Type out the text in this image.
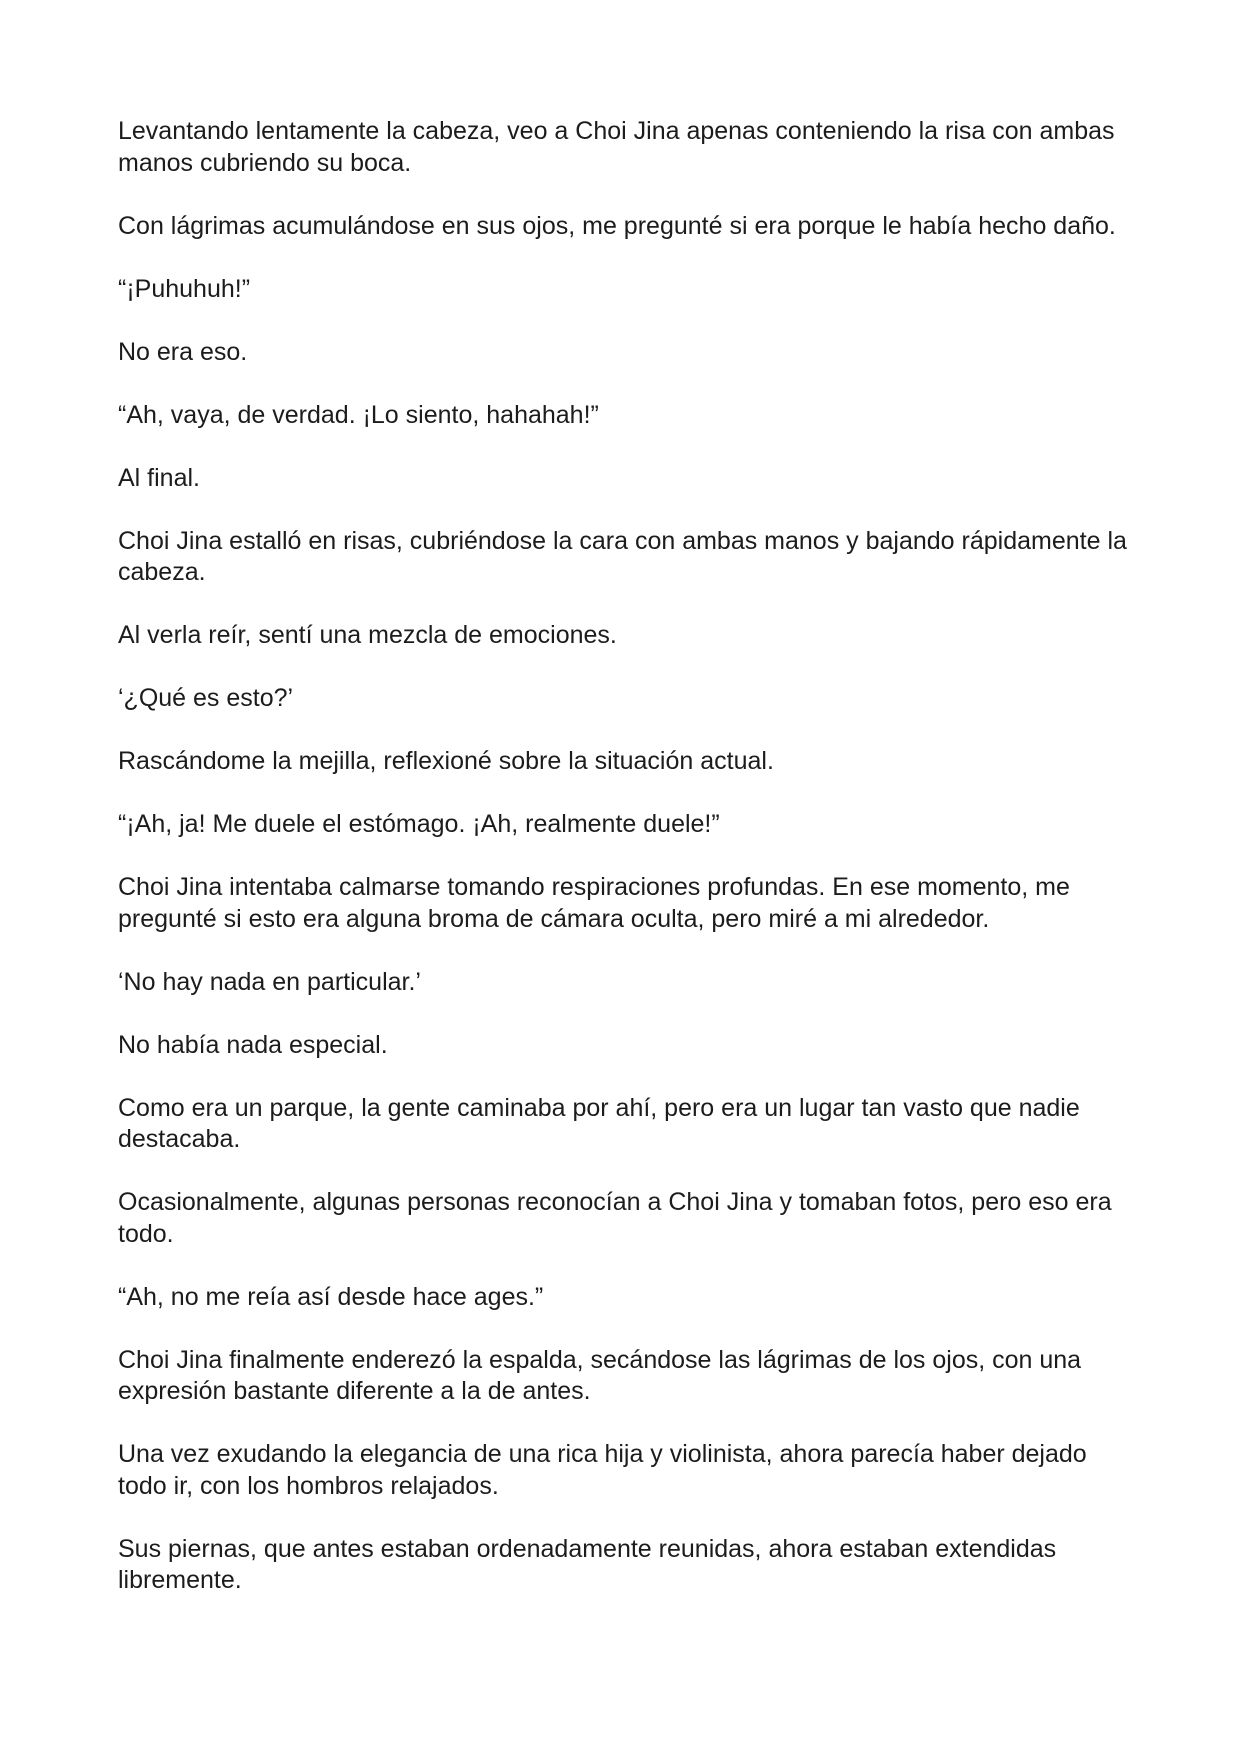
Levantando lentamente la cabeza, veo a Choi Jina apenas conteniendo la risa con ambas manos cubriendo su boca.

Con lágrimas acumulándose en sus ojos, me pregunté si era porque le había hecho daño.

“¡Puhuhuh!”

No era eso.

“Ah, vaya, de verdad. ¡Lo siento, hahahah!”

Al final.

Choi Jina estalló en risas, cubriéndose la cara con ambas manos y bajando rápidamente la cabeza.

Al verla reír, sentí una mezcla de emociones.

‘¿Qué es esto?’

Rascándome la mejilla, reflexioné sobre la situación actual.

“¡Ah, ja! Me duele el estómago. ¡Ah, realmente duele!”

Choi Jina intentaba calmarse tomando respiraciones profundas. En ese momento, me pregunté si esto era alguna broma de cámara oculta, pero miré a mi alrededor.

‘No hay nada en particular.’

No había nada especial.

Como era un parque, la gente caminaba por ahí, pero era un lugar tan vasto que nadie destacaba.

Ocasionalmente, algunas personas reconocían a Choi Jina y tomaban fotos, pero eso era todo.

“Ah, no me reía así desde hace ages.”

Choi Jina finalmente enderezó la espalda, secándose las lágrimas de los ojos, con una expresión bastante diferente a la de antes.

Una vez exudando la elegancia de una rica hija y violinista, ahora parecía haber dejado todo ir, con los hombros relajados.

Sus piernas, que antes estaban ordenadamente reunidas, ahora estaban extendidas libremente.
